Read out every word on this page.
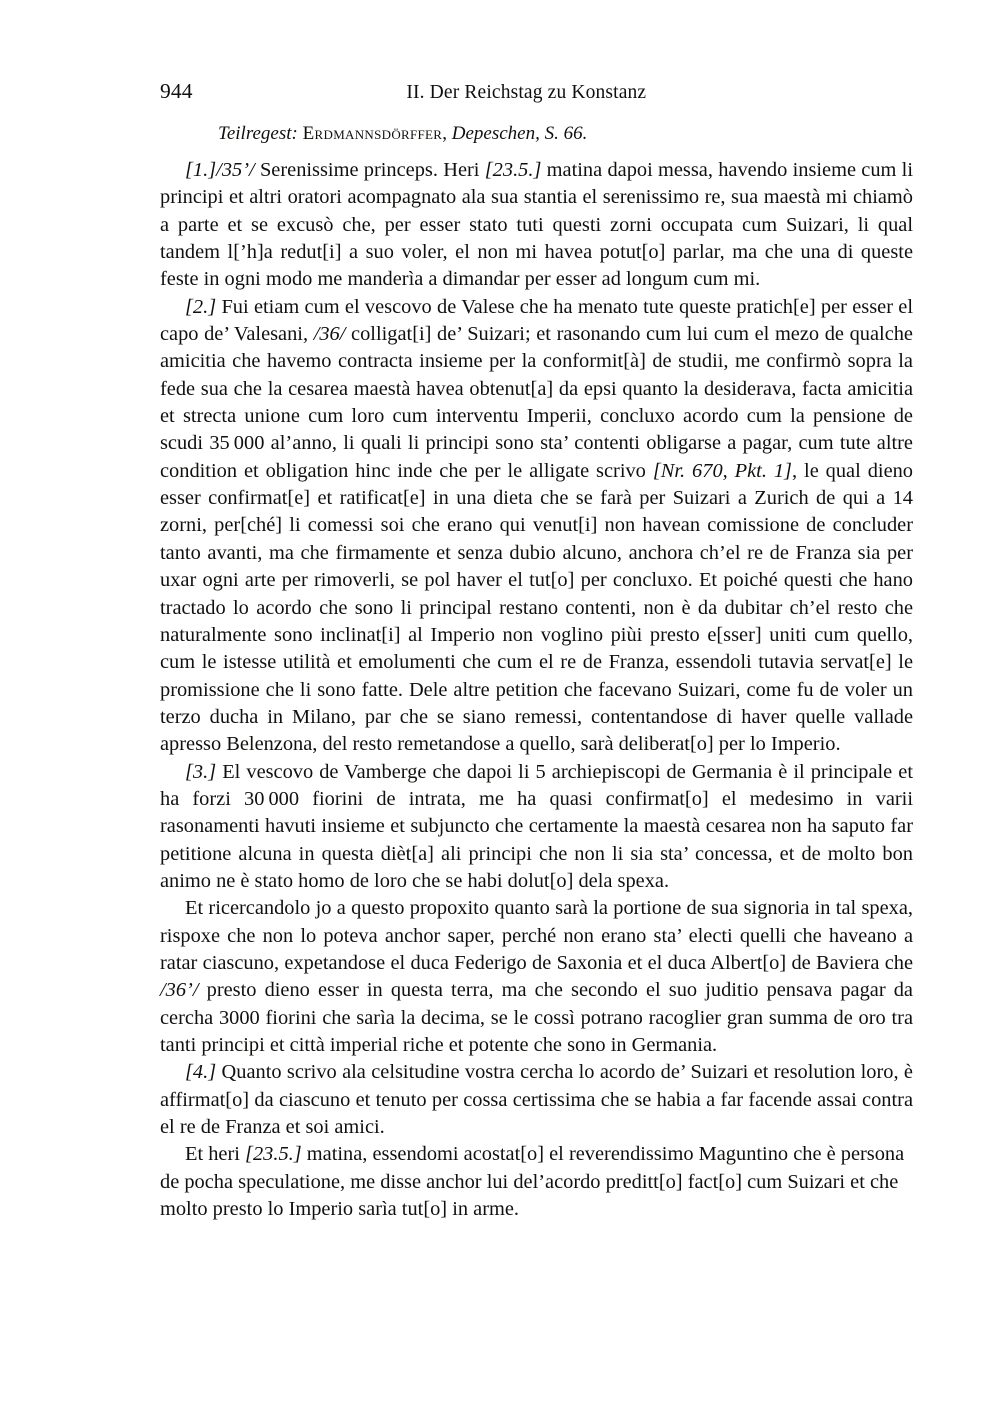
944	II. Der Reichstag zu Konstanz
Teilregest: Erdmannsdörffer, Depeschen, S. 66.

[1.]/35’/ Serenissime princeps. Heri [23.5.] matina dapoi messa, havendo insieme cum li principi et altri oratori acompagnato ala sua stantia el serenissimo re, sua maestà mi chiamò a parte et se excusò che, per esser stato tuti questi zorni occupata cum Suizari, li qual tandem l[’h]a redut[i] a suo voler, el non mi havea potut[o] parlar, ma che una di queste feste in ogni modo me manderìa a dimandar per esser ad longum cum mi.

[2.] Fui etiam cum el vescovo de Valese che ha menato tute queste pratich[e] per esser el capo de’ Valesani, /36/ colligat[i] de’ Suizari; et rasonando cum lui cum el mezo de qualche amicitia che havemo contracta insieme per la conformit[à] de studii, me confirmò sopra la fede sua che la cesarea maestà havea obtenut[a] da epsi quanto la desiderava, facta amicitia et strecta unione cum loro cum interventu Imperii, concluxo acordo cum la pensione de scudi 35 000 al’anno, li quali li principi sono sta’ contenti obligarse a pagar, cum tute altre condition et obligation hinc inde che per le alligate scrivo [Nr. 670, Pkt. 1], le qual dieno esser confirmat[e] et ratificat[e] in una dieta che se farà per Suizari a Zurich de qui a 14 zorni, per[ché] li comessi soi che erano qui venut[i] non havean comissione de concluder tanto avanti, ma che firmamente et senza dubio alcuno, anchora ch’el re de Franza sia per uxar ogni arte per rimoverli, se pol haver el tut[o] per concluxo. Et poiché questi che hano tractado lo acordo che sono li principal restano contenti, non è da dubitar ch’el resto che naturalmente sono inclinat[i] al Imperio non voglino piùi presto e[sser] uniti cum quello, cum le istesse utilità et emolumenti che cum el re de Franza, essendoli tutavia servat[e] le promissione che li sono fatte. Dele altre petition che facevano Suizari, come fu de voler un terzo ducha in Milano, par che se siano remessi, contentandose di haver quelle vallade apresso Belenzona, del resto remetandose a quello, sarà deliberat[o] per lo Imperio.

[3.] El vescovo de Vamberge che dapoi li 5 archiepiscopi de Germania è il principale et ha forzi 30 000 fiorini de intrata, me ha quasi confirmat[o] el medesimo in varii rasonamenti havuti insieme et subjuncto che certamente la maestà cesarea non ha saputo far petitione alcuna in questa dièt[a] ali principi che non li sia sta’ concessa, et de molto bon animo ne è stato homo de loro che se habi dolut[o] dela spexa.

Et ricercandolo jo a questo propoxito quanto sarà la portione de sua signoria in tal spexa, rispoxe che non lo poteva anchor saper, perché non erano sta’ electi quelli che haveano a ratar ciascuno, expetandose el duca Federigo de Saxonia et el duca Albert[o] de Baviera che /36’/ presto dieno esser in questa terra, ma che secondo el suo juditio pensava pagar da cercha 3000 fiorini che sarìa la decima, se le cossì potrano racoglier gran summa de oro tra tanti principi et città imperial riche et potente che sono in Germania.

[4.] Quanto scrivo ala celsitudine vostra cercha lo acordo de’ Suizari et resolution loro, è affirmat[o] da ciascuno et tenuto per cossa certissima che se habia a far facende assai contra el re de Franza et soi amici.

Et heri [23.5.] matina, essendomi acostat[o] el reverendissimo Maguntino che è persona de pocha speculatione, me disse anchor lui del’acordo preditt[o] fact[o] cum Suizari et che molto presto lo Imperio sarìa tut[o] in arme.
